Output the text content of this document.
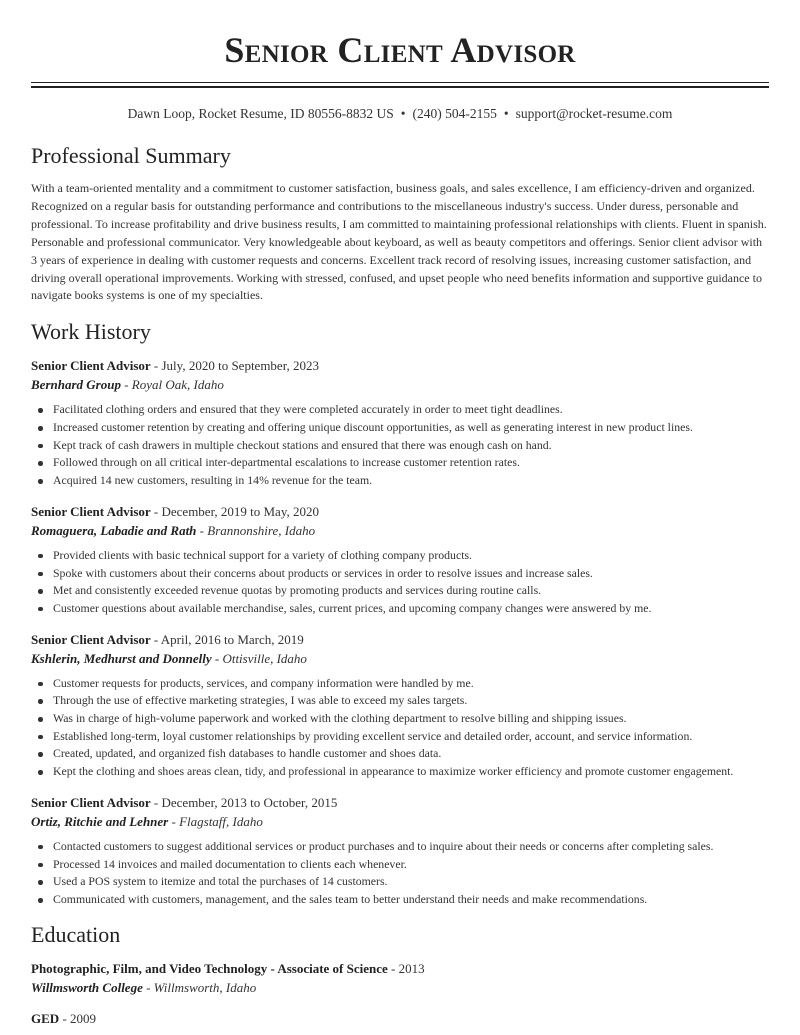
Senior Client Advisor
Dawn Loop, Rocket Resume, ID 80556-8832 US • (240) 504-2155 • support@rocket-resume.com
Professional Summary

With a team-oriented mentality and a commitment to customer satisfaction, business goals, and sales excellence, I am efficiency-driven and organized. Recognized on a regular basis for outstanding performance and contributions to the miscellaneous industry's success. Under duress, personable and professional. To increase profitability and drive business results, I am committed to maintaining professional relationships with clients. Fluent in spanish. Personable and professional communicator. Very knowledgeable about keyboard, as well as beauty competitors and offerings. Senior client advisor with 3 years of experience in dealing with customer requests and concerns. Excellent track record of resolving issues, increasing customer satisfaction, and driving overall operational improvements. Working with stressed, confused, and upset people who need benefits information and supportive guidance to navigate books systems is one of my specialties.

Work History
Senior Client Advisor - July, 2020 to September, 2023
Bernhard Group - Royal Oak, Idaho
Facilitated clothing orders and ensured that they were completed accurately in order to meet tight deadlines.
Increased customer retention by creating and offering unique discount opportunities, as well as generating interest in new product lines.
Kept track of cash drawers in multiple checkout stations and ensured that there was enough cash on hand.
Followed through on all critical inter-departmental escalations to increase customer retention rates.
Acquired 14 new customers, resulting in 14% revenue for the team.
Senior Client Advisor - December, 2019 to May, 2020
Romaguera, Labadie and Rath - Brannonshire, Idaho
Provided clients with basic technical support for a variety of clothing company products.
Spoke with customers about their concerns about products or services in order to resolve issues and increase sales.
Met and consistently exceeded revenue quotas by promoting products and services during routine calls.
Customer questions about available merchandise, sales, current prices, and upcoming company changes were answered by me.
Senior Client Advisor - April, 2016 to March, 2019
Kshlerin, Medhurst and Donnelly - Ottisville, Idaho
Customer requests for products, services, and company information were handled by me.
Through the use of effective marketing strategies, I was able to exceed my sales targets.
Was in charge of high-volume paperwork and worked with the clothing department to resolve billing and shipping issues.
Established long-term, loyal customer relationships by providing excellent service and detailed order, account, and service information.
Created, updated, and organized fish databases to handle customer and shoes data.
Kept the clothing and shoes areas clean, tidy, and professional in appearance to maximize worker efficiency and promote customer engagement.
Senior Client Advisor - December, 2013 to October, 2015
Ortiz, Ritchie and Lehner - Flagstaff, Idaho
Contacted customers to suggest additional services or product purchases and to inquire about their needs or concerns after completing sales.
Processed 14 invoices and mailed documentation to clients each whenever.
Used a POS system to itemize and total the purchases of 14 customers.
Communicated with customers, management, and the sales team to better understand their needs and make recommendations.
Education
Photographic, Film, and Video Technology - Associate of Science - 2013
Willmsworth College - Willmsworth, Idaho
GED - 2009
